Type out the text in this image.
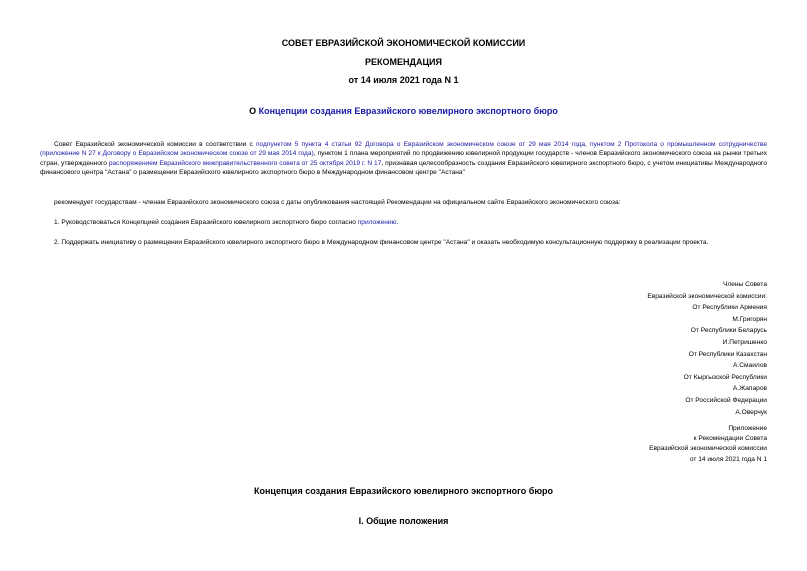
СОВЕТ ЕВРАЗИЙСКОЙ ЭКОНОМИЧЕСКОЙ КОМИССИИ

РЕКОМЕНДАЦИЯ

от 14 июля 2021 года N 1

О Концепции создания Евразийского ювелирного экспортного бюро

Совет Евразийской экономической комиссии в соответствии с подпунктом 5 пункта 4 статьи 92 Договора о Евразийском экономическом союзе от 29 мая 2014 года, пунктом 2 Протокола о промышленном сотрудничестве (приложение N 27 к Договору о Евразийском экономическом союзе от 29 мая 2014 года), пунктом 1 плана мероприятий по продвижению ювелирной продукции государств - членов Евразийского экономического союза на рынки третьих стран, утвержденного распоряжением Евразийского межправительственного совета от 25 октября 2019 г. N 17, признавая целесообразность создания Евразийского ювелирного экспортного бюро, с учетом инициативы Международного финансового центра "Астана" о размещении Евразийского ювелирного экспортного бюро в Международном финансовом центре "Астана"

рекомендует государствам - членам Евразийского экономического союза с даты опубликования настоящей Рекомендации на официальном сайте Евразийского экономического союза:

1. Руководствоваться Концепцией создания Евразийского ювелирного экспортного бюро согласно приложению.

2. Поддержать инициативу о размещении Евразийского ювелирного экспортного бюро в Международном финансовом центре "Астана" и оказать необходимую консультационную поддержку в реализации проекта.

Члены Совета
Евразийской экономической комиссии:
От Республики Армения
М.Григорян
От Республики Беларусь
И.Петришенко
От Республики Казахстан
А.Смаилов
От Кыргызской Республики
А.Жапаров
От Российской Федерации
А.Оверчук
Приложение
к Рекомендации Совета
Евразийской экономической комиссии
от 14 июля 2021 года N 1

Концепция создания Евразийского ювелирного экспортного бюро

I. Общие положения
